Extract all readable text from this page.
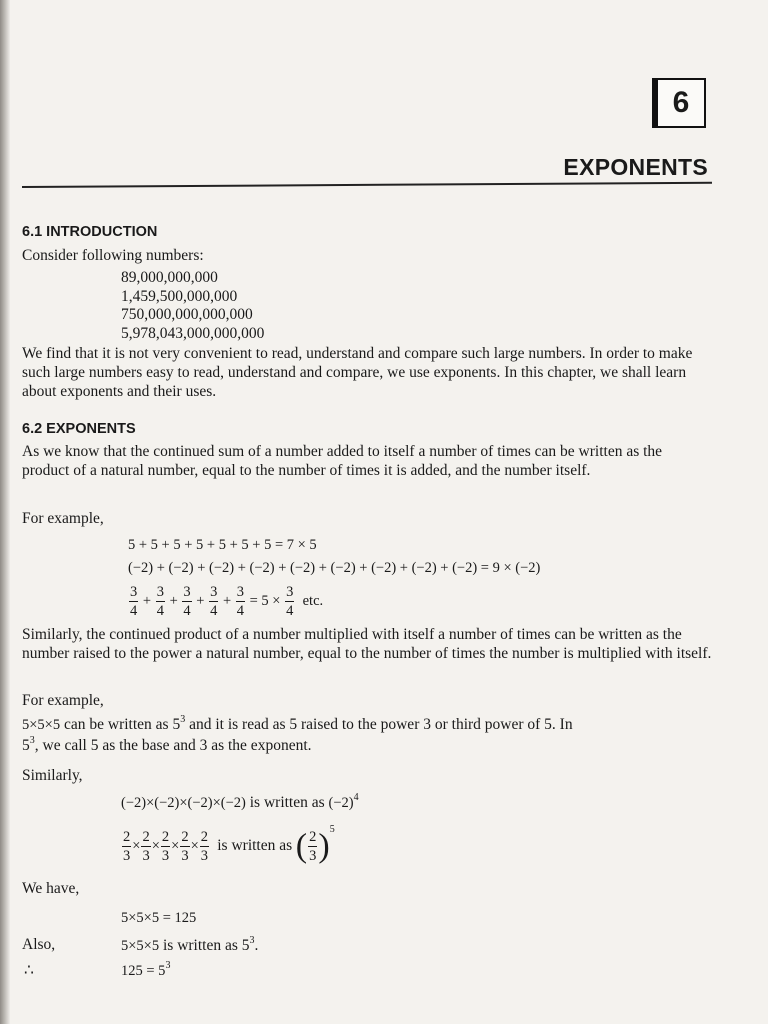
6
EXPONENTS
6.1 INTRODUCTION
Consider following numbers:
89,000,000,000
1,459,500,000,000
750,000,000,000,000
5,978,043,000,000,000
We find that it is not very convenient to read, understand and compare such large numbers. In order to make such large numbers easy to read, understand and compare, we use exponents. In this chapter, we shall learn about exponents and their uses.
6.2 EXPONENTS
As we know that the continued sum of a number added to itself a number of times can be written as the product of a natural number, equal to the number of times it is added, and the number itself.
For example,
5 + 5 + 5 + 5 + 5 + 5 + 5 = 7 × 5
(−2) + (−2) + (−2) + (−2) + (−2) + (−2) + (−2) + (−2) + (−2) = 9 × (−2)
$\frac{3}{4} + \frac{3}{4} + \frac{3}{4} + \frac{3}{4} + \frac{3}{4} = 5 \times \frac{3}{4}$ etc.
Similarly, the continued product of a number multiplied with itself a number of times can be written as the number raised to the power a natural number, equal to the number of times the number is multiplied with itself.
For example,
5×5×5 can be written as $5^3$ and it is read as 5 raised to the power 3 or third power of 5. In
$5^3$, we call 5 as the base and 3 as the exponent.
Similarly,
(−2)×(−2)×(−2)×(−2) is written as $(-2)^4$
$\frac{2}{3} \times \frac{2}{3} \times \frac{2}{3} \times \frac{2}{3} \times \frac{2}{3}$ is written as ( $\frac{2}{3} )^5$
We have,
5×5×5 = 125
Also,	5×5×5 is written as $5^3$.
∴	$125 = 5^3$
